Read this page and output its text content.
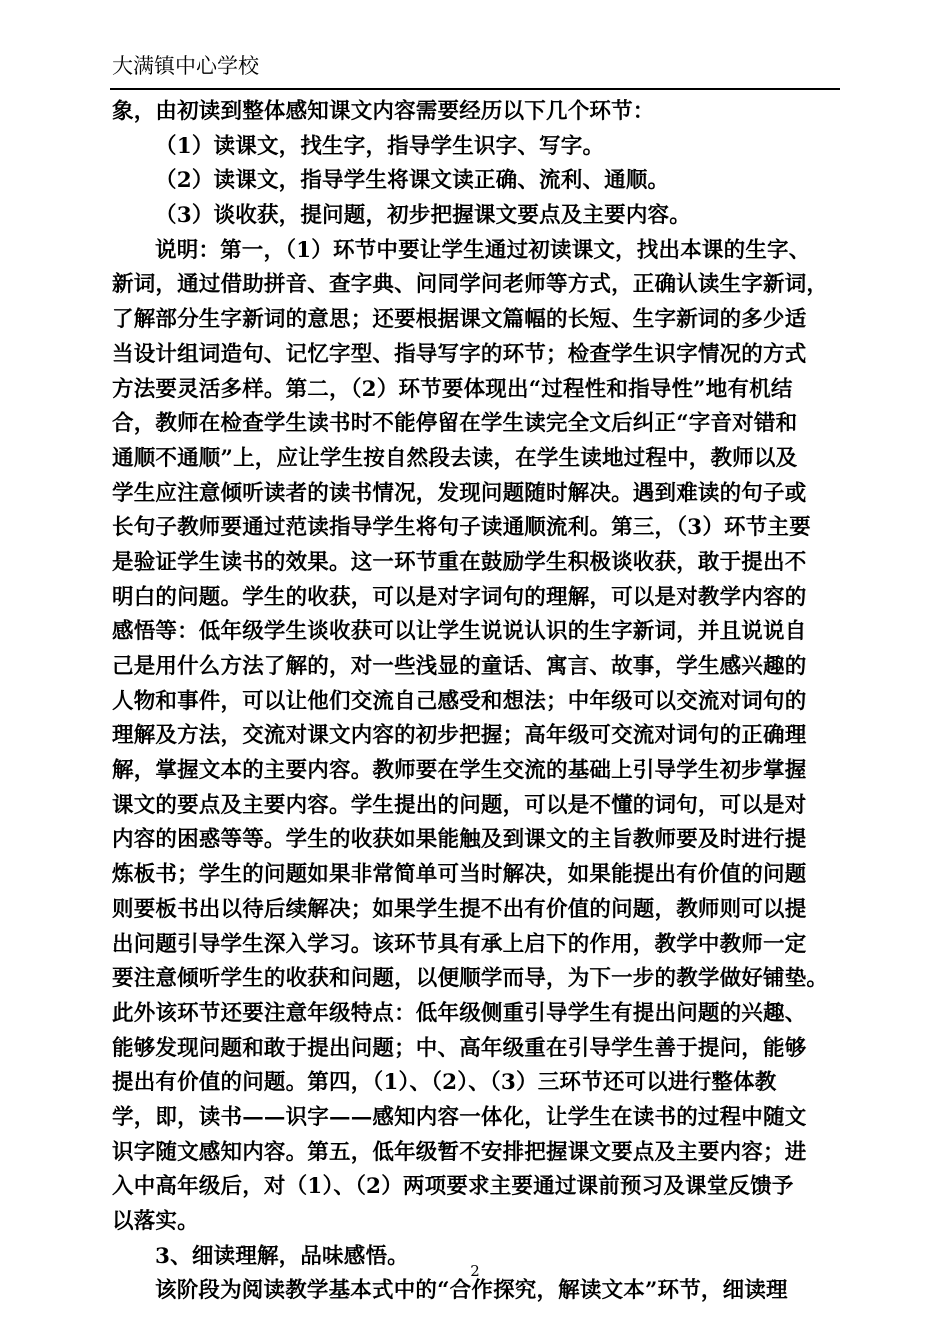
大满镇中心学校
象，由初读到整体感知课文内容需要经历以下几个环节：
（1）读课文，找生字，指导学生识字、写字。
（2）读课文，指导学生将课文读正确、流利、通顺。
（3）谈收获，提问题，初步把握课文要点及主要内容。
说明：第一，（1）环节中要让学生通过初读课文，找出本课的生字、
新词，通过借助拼音、查字典、问同学问老师等方式，正确认读生字新词，
了解部分生字新词的意思；还要根据课文篇幅的长短、生字新词的多少适
当设计组词造句、记忆字型、指导写字的环节；检查学生识字情况的方式
方法要灵活多样。第二，（2）环节要体现出“过程性和指导性”地有机结
合，教师在检查学生读书时不能停留在学生读完全文后纠正“字音对错和
通顺不通顺”上，应让学生按自然段去读，在学生读地过程中，教师以及
学生应注意倾听读者的读书情况，发现问题随时解决。遇到难读的句子或
长句子教师要通过范读指导学生将句子读通顺流利。第三，（3）环节主要
是验证学生读书的效果。这一环节重在鼓励学生积极谈收获，敢于提出不
明白的问题。学生的收获，可以是对字词句的理解，可以是对教学内容的
感悟等：低年级学生谈收获可以让学生说说认识的生字新词，并且说说自
己是用什么方法了解的，对一些浅显的童话、寓言、故事，学生感兴趣的
人物和事件，可以让他们交流自己感受和想法；中年级可以交流对词句的
理解及方法，交流对课文内容的初步把握；高年级可交流对词句的正确理
解，掌握文本的主要内容。教师要在学生交流的基础上引导学生初步掌握
课文的要点及主要内容。学生提出的问题，可以是不懂的词句，可以是对
内容的困惑等等。学生的收获如果能触及到课文的主旨教师要及时进行提
炼板书；学生的问题如果非常简单可当时解决，如果能提出有价值的问题
则要板书出以待后续解决；如果学生提不出有价值的问题，教师则可以提
出问题引导学生深入学习。该环节具有承上启下的作用，教学中教师一定
要注意倾听学生的收获和问题，以便顺学而导，为下一步的教学做好铺垫。
此外该环节还要注意年级特点：低年级侧重引导学生有提出问题的兴趣、
能够发现问题和敢于提出问题；中、高年级重在引导学生善于提问，能够
提出有价值的问题。第四，（1）、（2）、（3）三环节还可以进行整体教
学，即，读书——识字——感知内容一体化，让学生在读书的过程中随文
识字随文感知内容。第五，低年级暂不安排把握课文要点及主要内容；进
入中高年级后，对（1）、（2）两项要求主要通过课前预习及课堂反馈予
以落实。
3、细读理解，品味感悟。
该阶段为阅读教学基本式中的“合作探究，解读文本”环节，细读理
2
